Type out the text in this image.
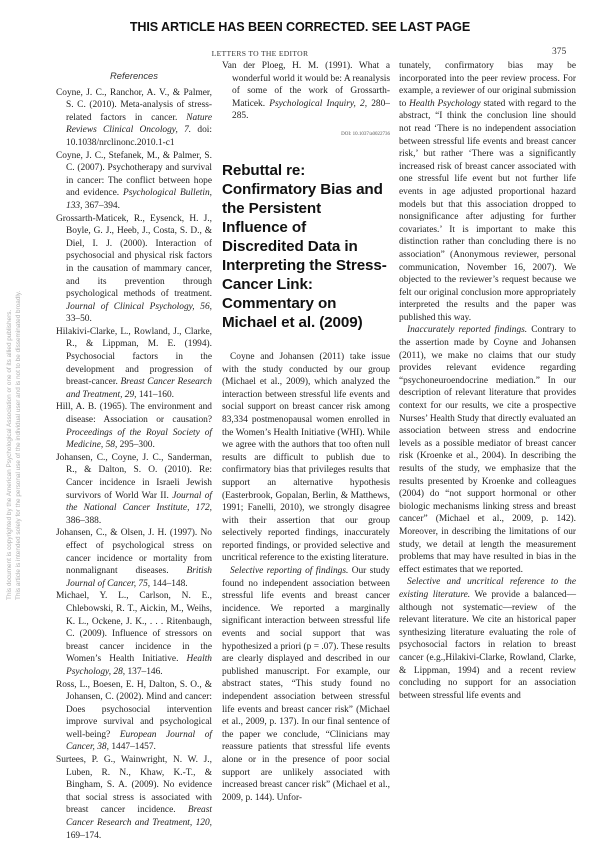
THIS ARTICLE HAS BEEN CORRECTED. SEE LAST PAGE
LETTERS TO THE EDITOR	375
This document is copyrighted by the American Psychological Association or one of its allied publishers. This article is intended solely for the personal use of the individual user and is not to be disseminated broadly.
References

Coyne, J. C., Ranchor, A. V., & Palmer, S. C. (2010). Meta-analysis of stress-related factors in cancer. Nature Reviews Clinical Oncology, 7. doi: 10.1038/nrclinonc.2010.1-c1

Coyne, J. C., Stefanek, M., & Palmer, S. C. (2007). Psychotherapy and survival in cancer: The conflict between hope and evidence. Psychological Bulletin, 133, 367–394.

Grossarth-Maticek, R., Eysenck, H. J., Boyle, G. J., Heeb, J., Costa, S. D., & Diel, I. J. (2000). Interaction of psychosocial and physical risk factors in the causation of mammary cancer, and its prevention through psychological methods of treatment. Journal of Clinical Psychology, 56, 33–50.

Hilakivi-Clarke, L., Rowland, J., Clarke, R., & Lippman, M. E. (1994). Psychosocial factors in the development and progression of breast-cancer. Breast Cancer Research and Treatment, 29, 141–160.

Hill, A. B. (1965). The environment and disease: Association or causation? Proceedings of the Royal Society of Medicine, 58, 295–300.

Johansen, C., Coyne, J. C., Sanderman, R., & Dalton, S. O. (2010). Re: Cancer incidence in Israeli Jewish survivors of World War II. Journal of the National Cancer Institute, 172, 386–388.

Johansen, C., & Olsen, J. H. (1997). No effect of psychological stress on cancer incidence or mortality from nonmalignant diseases. British Journal of Cancer, 75, 144–148.

Michael, Y. L., Carlson, N. E., Chlebowski, R. T., Aickin, M., Weihs, K. L., Ockene, J. K., . . . Ritenbaugh, C. (2009). Influence of stressors on breast cancer incidence in the Women’s Health Initiative. Health Psychology, 28, 137–146.

Ross, L., Boesen, E. H, Dalton, S. O., & Johansen, C. (2002). Mind and cancer: Does psychosocial intervention improve survival and psychological well-being? European Journal of Cancer, 38, 1447–1457.

Surtees, P. G., Wainwright, N. W. J., Luben, R. N., Khaw, K.-T., & Bingham, S. A. (2009). No evidence that social stress is associated with breast cancer incidence. Breast Cancer Research and Treatment, 120, 169–174.

Van der Ploeg, H. M. (1991). What a wonderful world it would be: A reanalysis of some of the work of Grossarth-Maticek. Psychological Inquiry, 2, 280–285.

DOI: 10.1037/a0022736
Rebuttal re: Confirmatory Bias and the Persistent Influence of Discredited Data in Interpreting the Stress-Cancer Link: Commentary on Michael et al. (2009)

Coyne and Johansen (2011) take issue with the study conducted by our group (Michael et al., 2009), which analyzed the interaction between stressful life events and social support on breast cancer risk among 83,334 postmenopausal women enrolled in the Women’s Health Initiative (WHI). While we agree with the authors that too often null results are difficult to publish due to confirmatory bias that privileges results that support an alternative hypothesis (Easterbrook, Gopalan, Berlin, & Matthews, 1991; Fanelli, 2010), we strongly disagree with their assertion that our group selectively reported findings, inaccurately reported findings, or provided selective and uncritical reference to the existing literature.

Selective reporting of findings. Our study found no independent association between stressful life events and breast cancer incidence. We reported a marginally significant interaction between stressful life events and social support that was hypothesized a priori (p = .07). These results are clearly displayed and described in our published manuscript. For example, our abstract states, “This study found no independent association between stressful life events and breast cancer risk” (Michael et al., 2009, p. 137). In our final sentence of the paper we conclude, “Clinicians may reassure patients that stressful life events alone or in the presence of poor social support are unlikely associated with increased breast cancer risk” (Michael et al., 2009, p. 144). Unfor-

tunately, confirmatory bias may be incorporated into the peer review process. For example, a reviewer of our original submission to Health Psychology stated with regard to the abstract, “I think the conclusion line should not read ‘There is no independent association between stressful life events and breast cancer risk,’ but rather ‘There was a significantly increased risk of breast cancer associated with one stressful life event but not further life events in age adjusted proportional hazard models but that this association dropped to nonsignificance after adjusting for further covariates.’ It is important to make this distinction rather than concluding there is no association” (Anonymous reviewer, personal communication, November 16, 2007). We objected to the reviewer’s request because we felt our original conclusion more appropriately interpreted the results and the paper was published this way.

Inaccurately reported findings. Contrary to the assertion made by Coyne and Johansen (2011), we make no claims that our study provides relevant evidence regarding “psychoneuroendocrine mediation.” In our description of relevant literature that provides context for our results, we cite a prospective Nurses’ Health Study that directly evaluated an association between stress and endocrine levels as a possible mediator of breast cancer risk (Kroenke et al., 2004). In describing the results of the study, we emphasize that the results presented by Kroenke and colleagues (2004) do “not support hormonal or other biologic mechanisms linking stress and breast cancer” (Michael et al., 2009, p. 142). Moreover, in describing the limitations of our study, we detail at length the measurement problems that may have resulted in bias in the effect estimates that we reported.

Selective and uncritical reference to the existing literature. We provide a balanced—although not systematic—review of the relevant literature. We cite an historical paper synthesizing literature evaluating the role of psychosocial factors in relation to breast cancer (e.g.,Hilakivi-Clarke, Rowland, Clarke, & Lippman, 1994) and a recent review concluding no support for an association between stressful life events and
